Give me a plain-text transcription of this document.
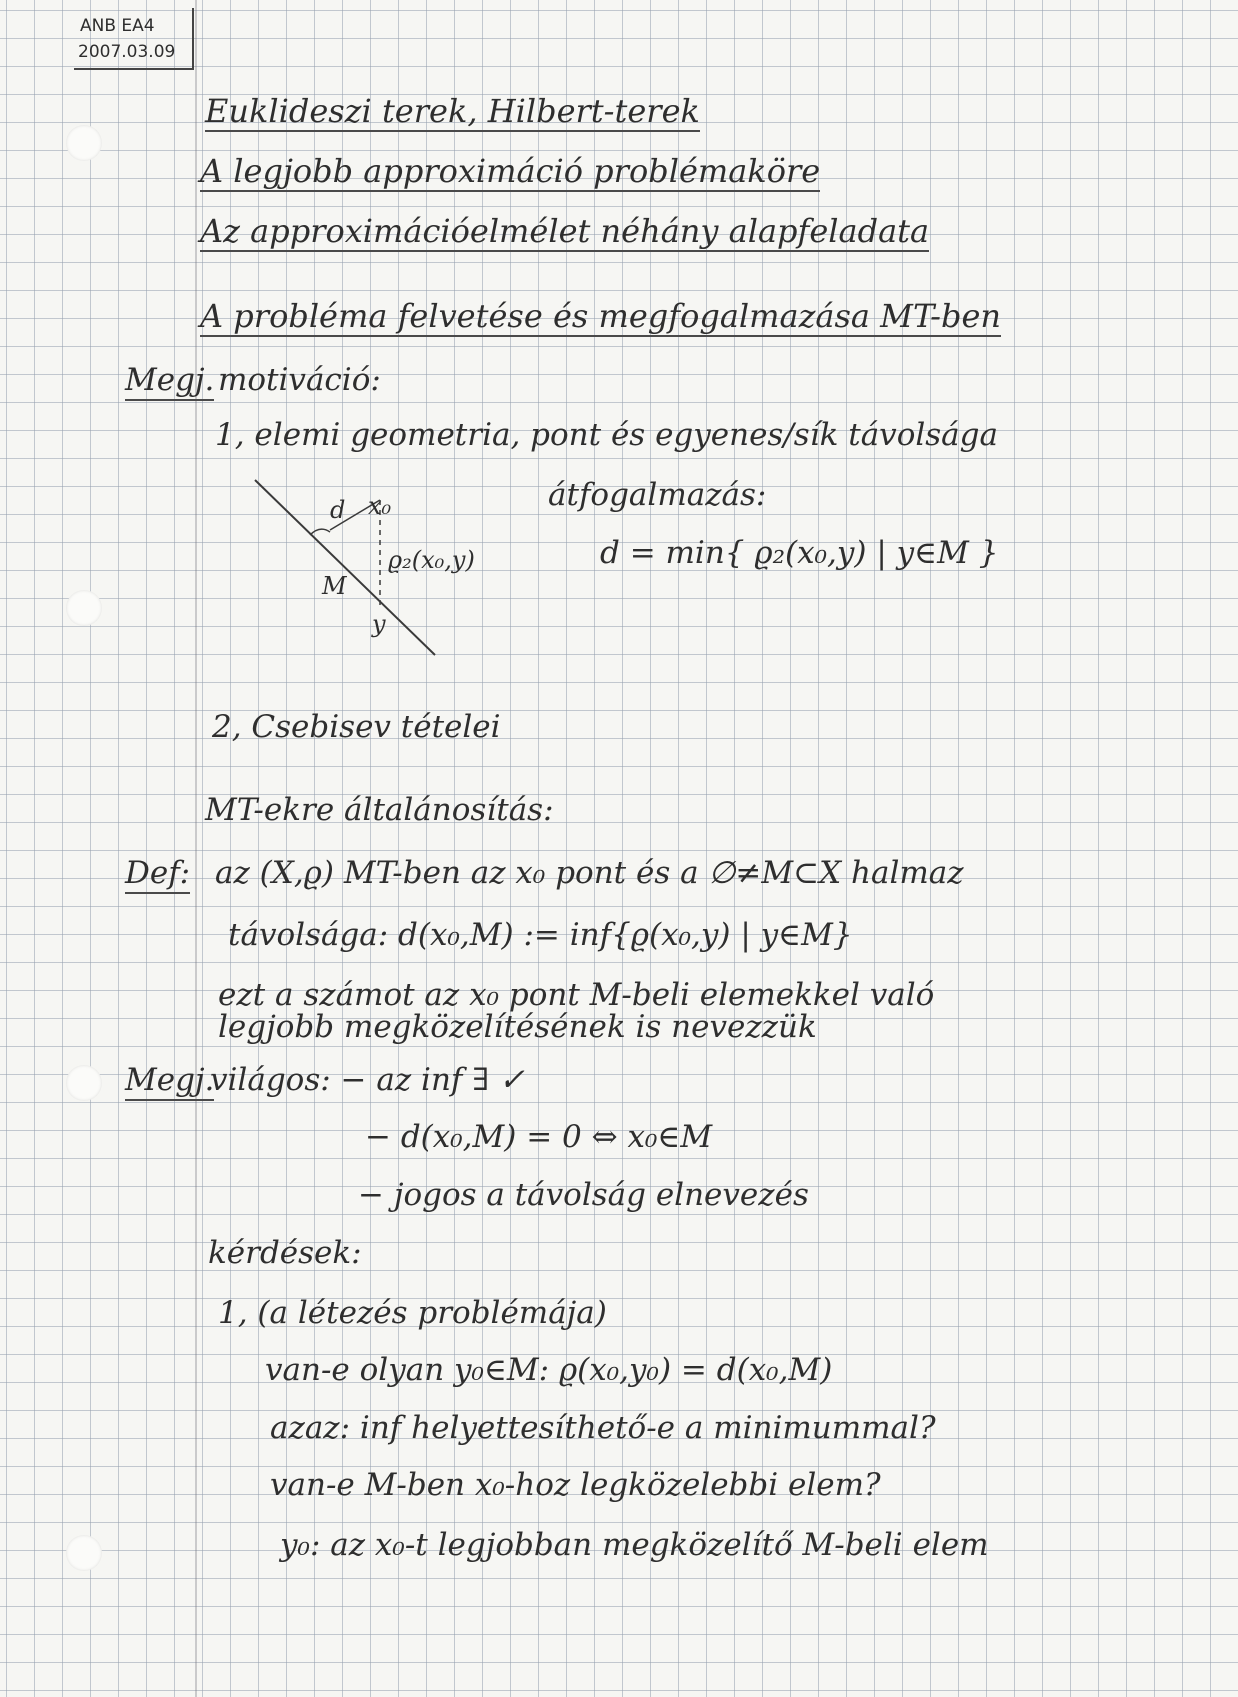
ANB EA4
2007.03.09
Euklideszi terek, Hilbert-terek
A legjobb approximáció problémaköre
Az approximációelmélet néhány alapfeladata
A probléma felvetése és megfogalmazása MT-ben
Megj. motiváció:
1, elemi geometria, pont és egyenes/sík távolsága
átfogalmazás:
d = min{ ϱ₂(x₀,y) | y∈M }
d x₀
ϱ₂(x₀,y)
M
y
2, Csebisev tételei
MT-ekre általánosítás:
Def: az (X,ϱ) MT-ben az x₀ pont és a ∅≠M⊂X halmaz
távolsága: d(x₀,M) := inf{ϱ(x₀,y) | y∈M}
ezt a számot az x₀ pont M-beli elemekkel való
legjobb megközelítésének is nevezzük
Megj.
világos: − az inf ∃ ✓
− d(x₀,M) = 0 ⇔ x₀∈M
− jogos a távolság elnevezés
kérdések:
1, (a létezés problémája)
van-e olyan y₀∈M: ϱ(x₀,y₀) = d(x₀,M)
azaz: inf helyettesíthető-e a minimummal?
van-e M-ben x₀-hoz legközelebbi elem?
y₀: az x₀-t legjobban megközelítő M-beli elem
